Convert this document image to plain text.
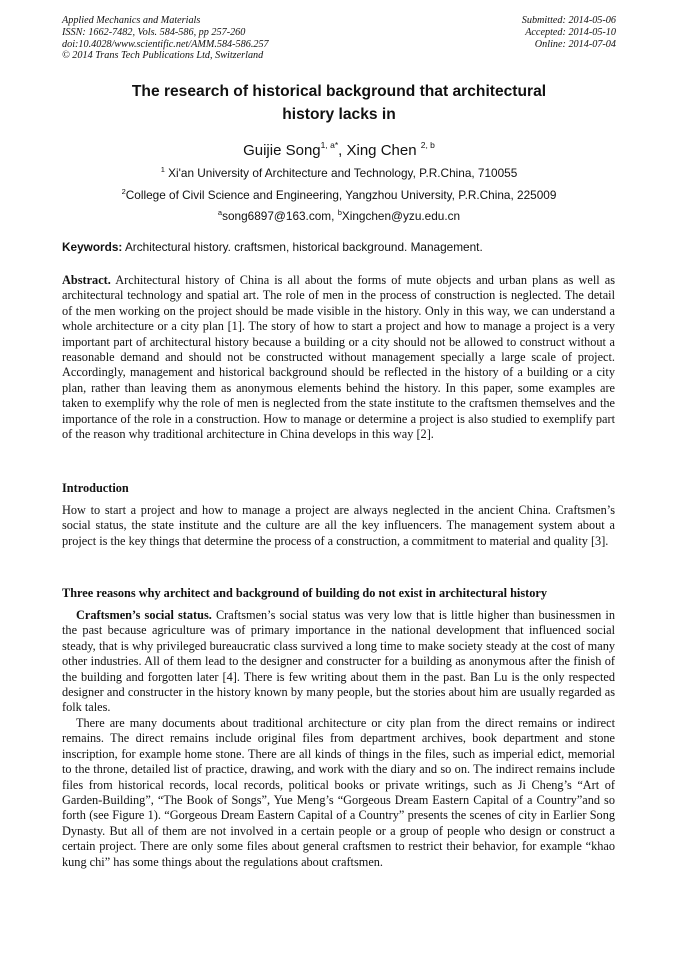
Applied Mechanics and Materials
ISSN: 1662-7482, Vols. 584-586, pp 257-260
doi:10.4028/www.scientific.net/AMM.584-586.257
© 2014 Trans Tech Publications Ltd, Switzerland
Submitted: 2014-05-06
Accepted: 2014-05-10
Online: 2014-07-04
The research of historical background that architectural
history lacks in
Guijie Song$^{1, a*}$, Xing Chen $^{2, b}$
$^1$ Xi'an University of Architecture and Technology, P.R.China, 710055
$^2$College of Civil Science and Engineering, Yangzhou University, P.R.China, 225009
$^a$song6897@163.com, $^b$Xingchen@yzu.edu.cn
Keywords: Architectural history. craftsmen, historical background. Management.

Abstract. Architectural history of China is all about the forms of mute objects and urban plans as well as architectural technology and spatial art. The role of men in the process of construction is neglected. The detail of the men working on the project should be made visible in the history. Only in this way, we can understand a whole architecture or a city plan [1]. The story of how to start a project and how to manage a project is a very important part of architectural history because a building or a city should not be allowed to construct without a reasonable demand and should not be constructed without management specially a large scale of project. Accordingly, management and historical background should be reflected in the history of a building or a city plan, rather than leaving them as anonymous elements behind the history. In this paper, some examples are taken to exemplify why the role of men is neglected from the state institute to the craftsmen themselves and the importance of the role in a construction. How to manage or determine a project is also studied to exemplify part of the reason why traditional architecture in China develops in this way [2].

Introduction

How to start a project and how to manage a project are always neglected in the ancient China. Craftsmen’s social status, the state institute and the culture are all the key influencers. The management system about a project is the key things that determine the process of a construction, a commitment to material and quality [3].

Three reasons why architect and background of building do not exist in architectural history

Craftsmen’s social status. Craftsmen’s social status was very low that is little higher than businessmen in the past because agriculture was of primary importance in the national development that influenced social steady, that is why privileged bureaucratic class survived a long time to make society steady at the cost of many other industries. All of them lead to the designer and constructer for a building as anonymous after the finish of the building and forgotten later [4]. There is few writing about them in the past. Ban Lu is the only respected designer and constructer in the history known by many people, but the stories about him are usually regarded as folk tales.

There are many documents about traditional architecture or city plan from the direct remains or indirect remains. The direct remains include original files from department archives, book department and stone inscription, for example home stone. There are all kinds of things in the files, such as imperial edict, memorial to the throne, detailed list of practice, drawing, and work with the diary and so on. The indirect remains include files from historical records, local records, political books or private writings, such as Ji Cheng’s “Art of Garden-Building”, “The Book of Songs”, Yue Meng’s “Gorgeous Dream Eastern Capital of a Country”and so forth (see Figure 1). “Gorgeous Dream Eastern Capital of a Country” presents the scenes of city in Earlier Song Dynasty. But all of them are not involved in a certain people or a group of people who design or construct a certain project. There are only some files about general craftsmen to restrict their behavior, for example “khao kung chi” has some things about the regulations about craftsmen.
